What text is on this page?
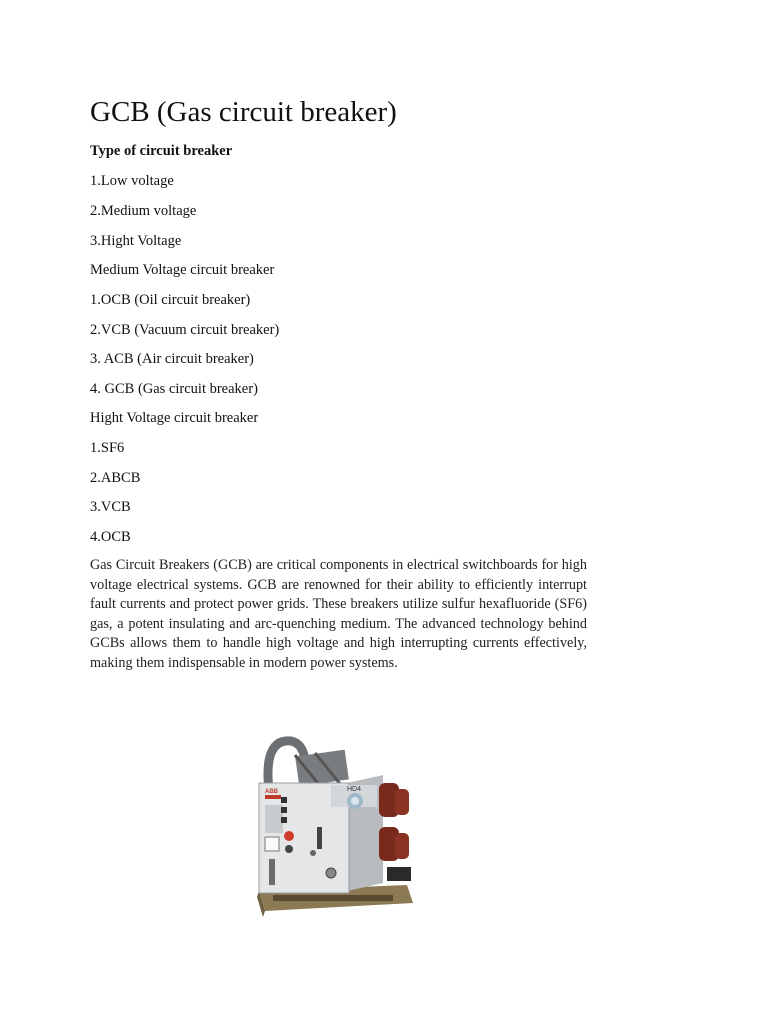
GCB (Gas circuit breaker)
Type of circuit breaker
1.Low voltage
2.Medium voltage
3.Hight Voltage
Medium Voltage circuit breaker
1.OCB (Oil circuit breaker)
2.VCB (Vacuum circuit breaker)
3. ACB (Air circuit breaker)
4. GCB (Gas circuit breaker)
Hight Voltage circuit breaker
1.SF6
2.ABCB
3.VCB
4.OCB

Gas Circuit Breakers (GCB) are critical components in electrical switchboards for high voltage electrical systems. GCB are renowned for their ability to efficiently interrupt fault currents and protect power grids. These breakers utilize sulfur hexafluoride (SF6) gas, a potent insulating and arc-quenching medium. The advanced technology behind GCBs allows them to handle high voltage and high interrupting currents effectively, making them indispensable in modern power systems.

ABB	HD4
